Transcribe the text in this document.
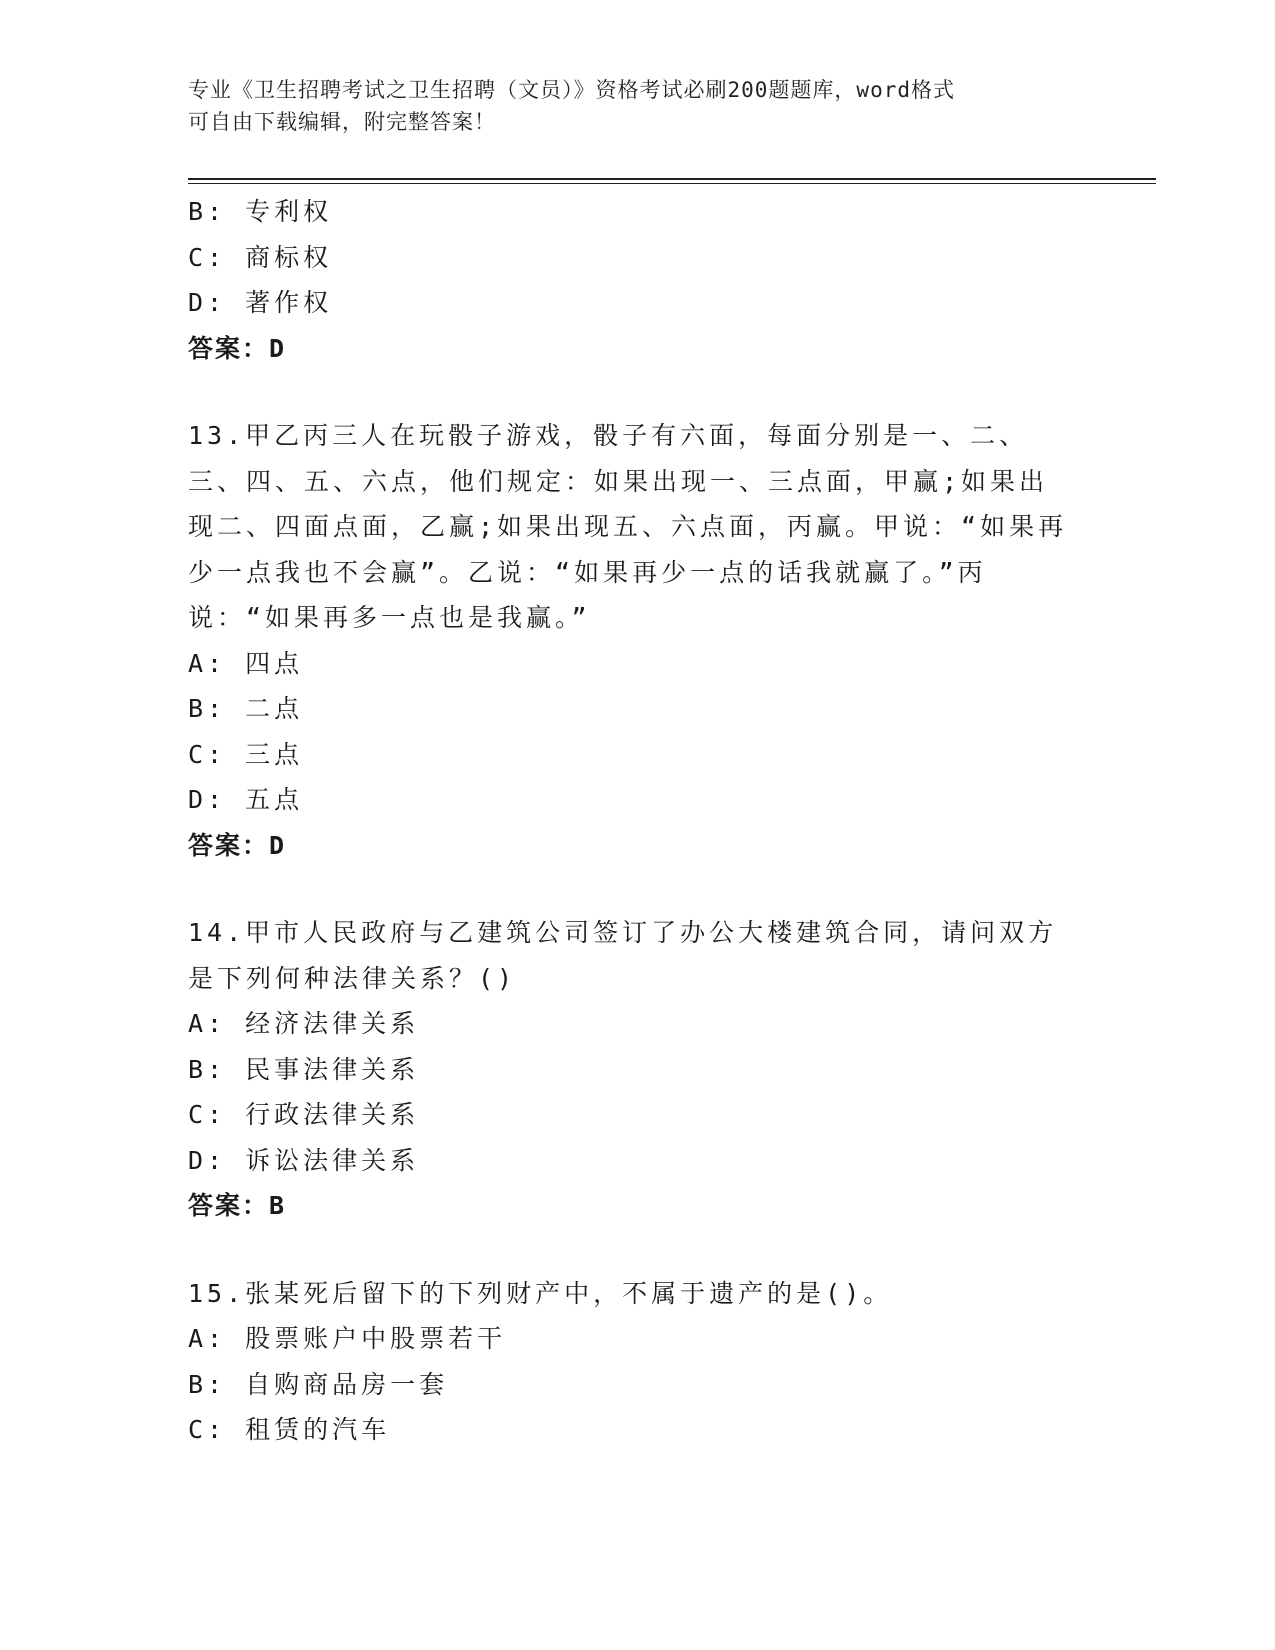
专业《卫生招聘考试之卫生招聘（文员）》资格考试必刷200题题库，word格式
可自由下载编辑，附完整答案！
B: 专利权
C: 商标权
D: 著作权
答案：D
13.甲乙丙三人在玩骰子游戏，骰子有六面，每面分别是一、二、三、四、五、六点，他们规定：如果出现一、三点面，甲赢;如果出现二、四面点面，乙赢;如果出现五、六点面，丙赢。甲说：“如果再少一点我也不会赢”。乙说：“如果再少一点的话我就赢了。”丙说：“如果再多一点也是我赢。”
A: 四点
B: 二点
C: 三点
D: 五点
答案：D
14.甲市人民政府与乙建筑公司签订了办公大楼建筑合同，请问双方是下列何种法律关系？()
A: 经济法律关系
B: 民事法律关系
C: 行政法律关系
D: 诉讼法律关系
答案：B
15.张某死后留下的下列财产中，不属于遗产的是()。
A: 股票账户中股票若干
B: 自购商品房一套
C: 租赁的汽车
